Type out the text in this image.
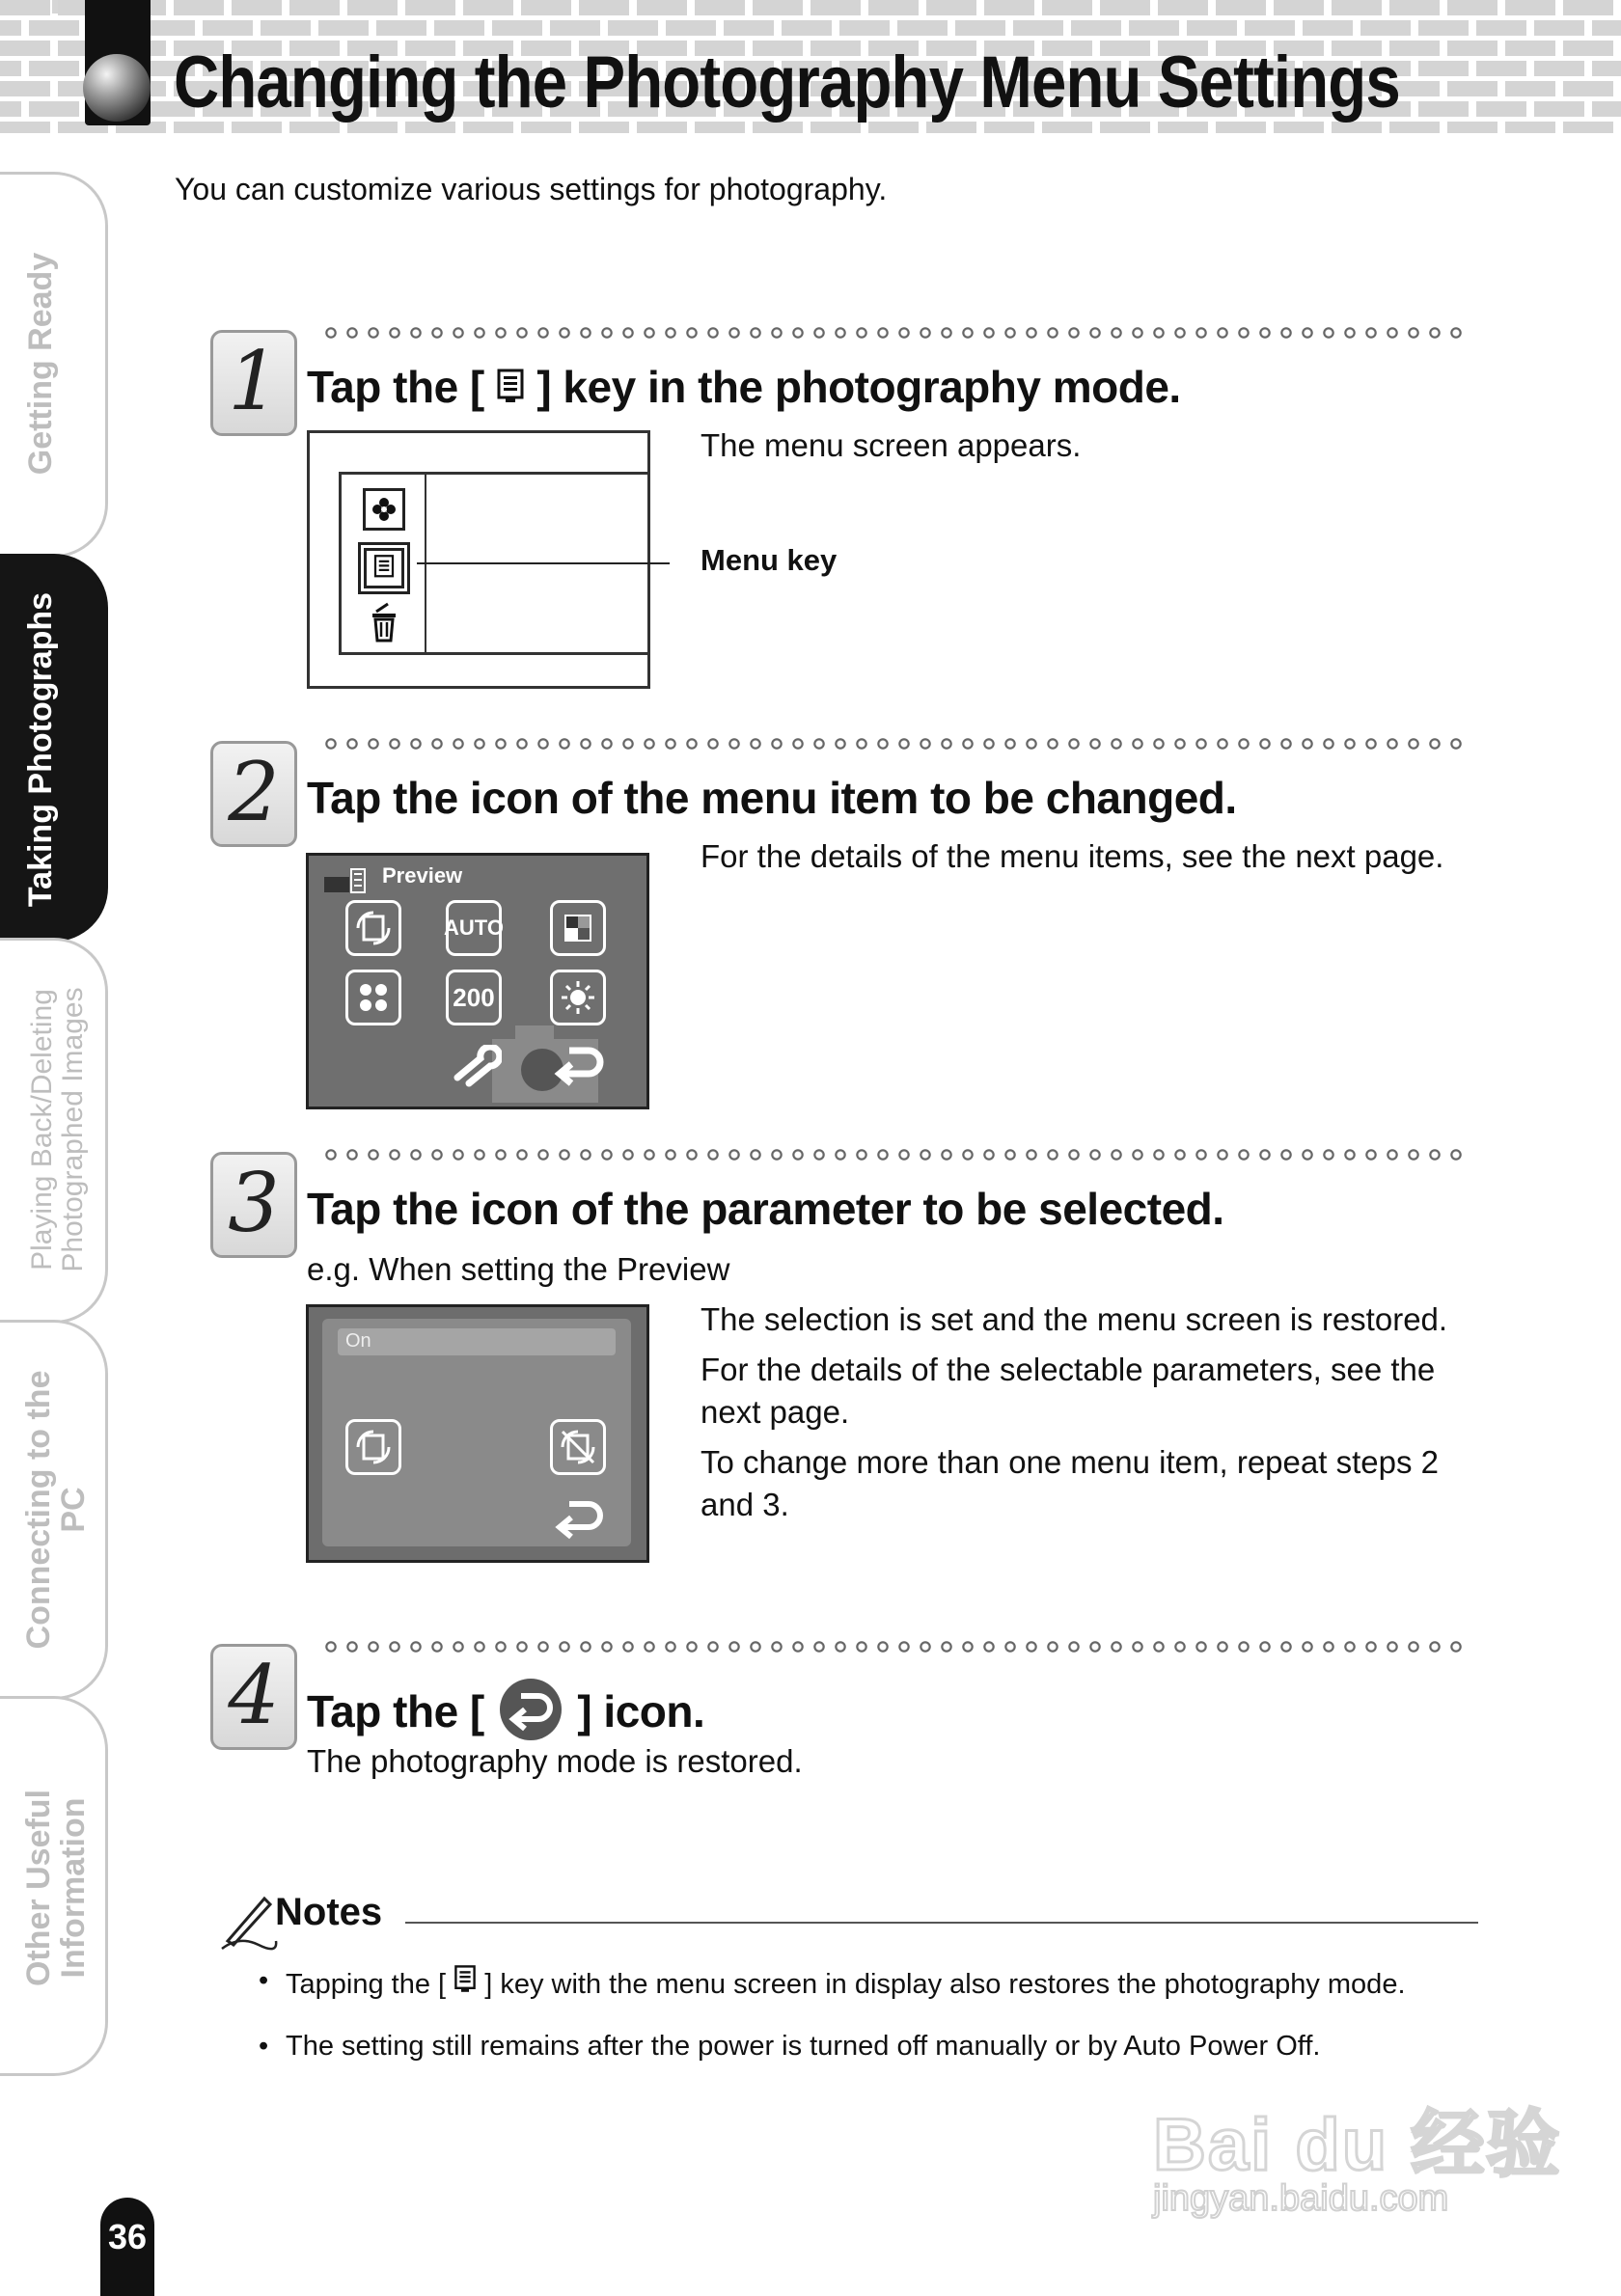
Changing the Photography Menu Settings
You can customize various settings for photography.
Getting Ready
Taking Photographs
Playing Back/Deleting Photographed Images
Connecting to the
PC
Other Useful
Information
1 Tap the [ ] key in the photography mode.
The menu screen appears.
Menu key
2 Tap the icon of the menu item to be changed.
For the details of the menu items, see the next page.
Preview
AUTO
200
3 Tap the icon of the parameter to be selected.
e.g. When setting the Preview
On
The selection is set and the menu screen is restored.
For the details of the selectable parameters, see the next page.
To change more than one menu item, repeat steps 2 and 3.
4 Tap the [ ] icon.
The photography mode is restored.
Notes
• Tapping the [ ] key with the menu screen in display also restores the photography mode.
• The setting still remains after the power is turned off manually or by Auto Power Off.
Bai du 经验
jingyan.baidu.com
36
